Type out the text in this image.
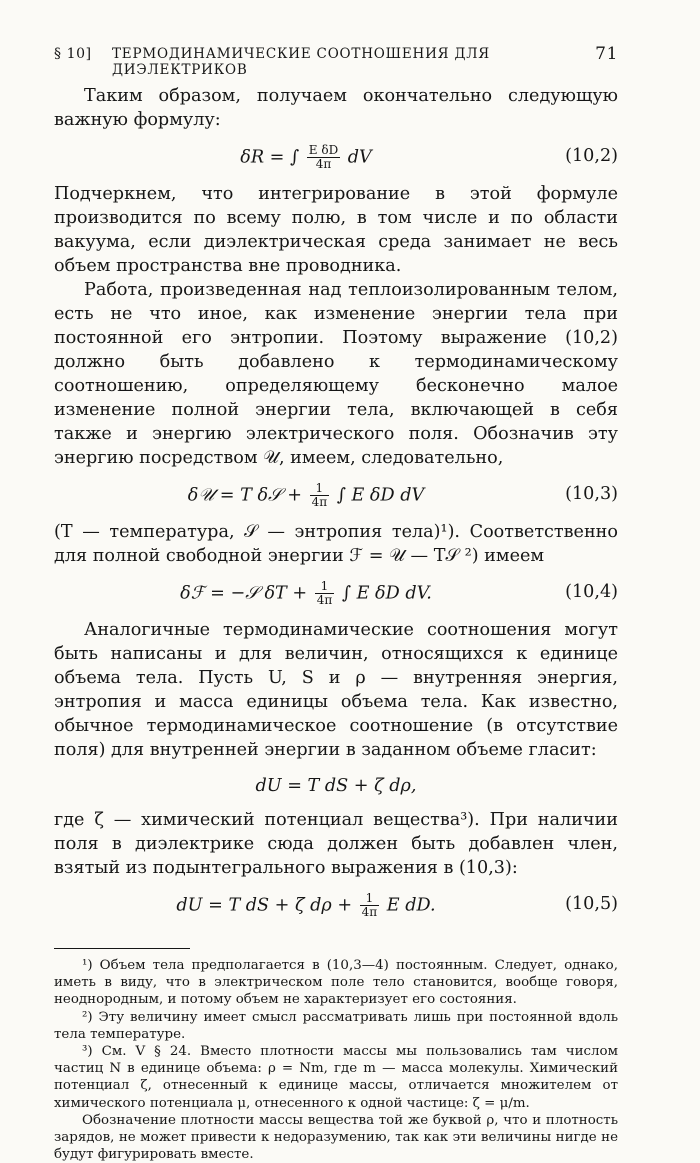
§ 10] ТЕРМОДИНАМИЧЕСКИЕ СООТНОШЕНИЯ ДЛЯ ДИЭЛЕКТРИКОВ
71

Таким образом, получаем окончательно следующую важную формулу:

δR = ∫ $\frac{\text{E δD}}{4\pi}$ dV	(10,2)

Подчеркнем, что интегрирование в этой формуле производится по всему полю, в том числе и по области вакуума, если диэлектрическая среда занимает не весь объем пространства вне проводника.

Работа, произведенная над теплоизолированным телом, есть не что иное, как изменение энергии тела при постоянной его энтропии. Поэтому выражение (10,2) должно быть добавлено к термодинамическому соотношению, определяющему бесконечно малое изменение полной энергии тела, включающей в себя также и энергию электрического поля. Обозначив эту энергию посредством 𝒰, имеем, следовательно,

δ𝒰 = T δ𝒮 + $\frac{1}{4\pi}$ ∫ E δD dV	(10,3)

(T — температура, 𝒮 — энтропия тела)¹). Соответственно для полной свободной энергии ℱ = 𝒰 — T𝒮 ²) имеем

δℱ = −𝒮 $\delta T + \frac{1}{4\pi}$ ∫ E δD dV.	(10,4)

Аналогичные термодинамические соотношения могут быть написаны и для величин, относящихся к единице объема тела. Пусть U, S и ρ — внутренняя энергия, энтропия и масса единицы объема тела. Как известно, обычное термодинамическое соотношение (в отсутствие поля) для внутренней энергии в заданном объеме гласит:

dU = T dS + ζ dρ,

где ζ — химический потенциал вещества³). При наличии поля в диэлектрике сюда должен быть добавлен член, взятый из подынтегрального выражения в (10,3):

dU = T dS + ζ $d\rho + \frac{1}{4\pi}$ E dD.	(10,5)

¹) Объем тела предполагается в (10,3—4) постоянным. Следует, однако, иметь в виду, что в электрическом поле тело становится, вообще говоря, неоднородным, и потому объем не характеризует его состояния.

²) Эту величину имеет смысл рассматривать лишь при постоянной вдоль тела температуре.

³) См. V § 24. Вместо плотности массы мы пользовались там числом частиц N в единице объема: ρ = Nm, где m — масса молекулы. Химический потенциал ζ, отнесенный к единице массы, отличается множителем от химического потенциала μ, отнесенного к одной частице: ζ = μ/m.

Обозначение плотности массы вещества той же буквой ρ, что и плотность зарядов, не может привести к недоразумению, так как эти величины нигде не будут фигурировать вместе.
